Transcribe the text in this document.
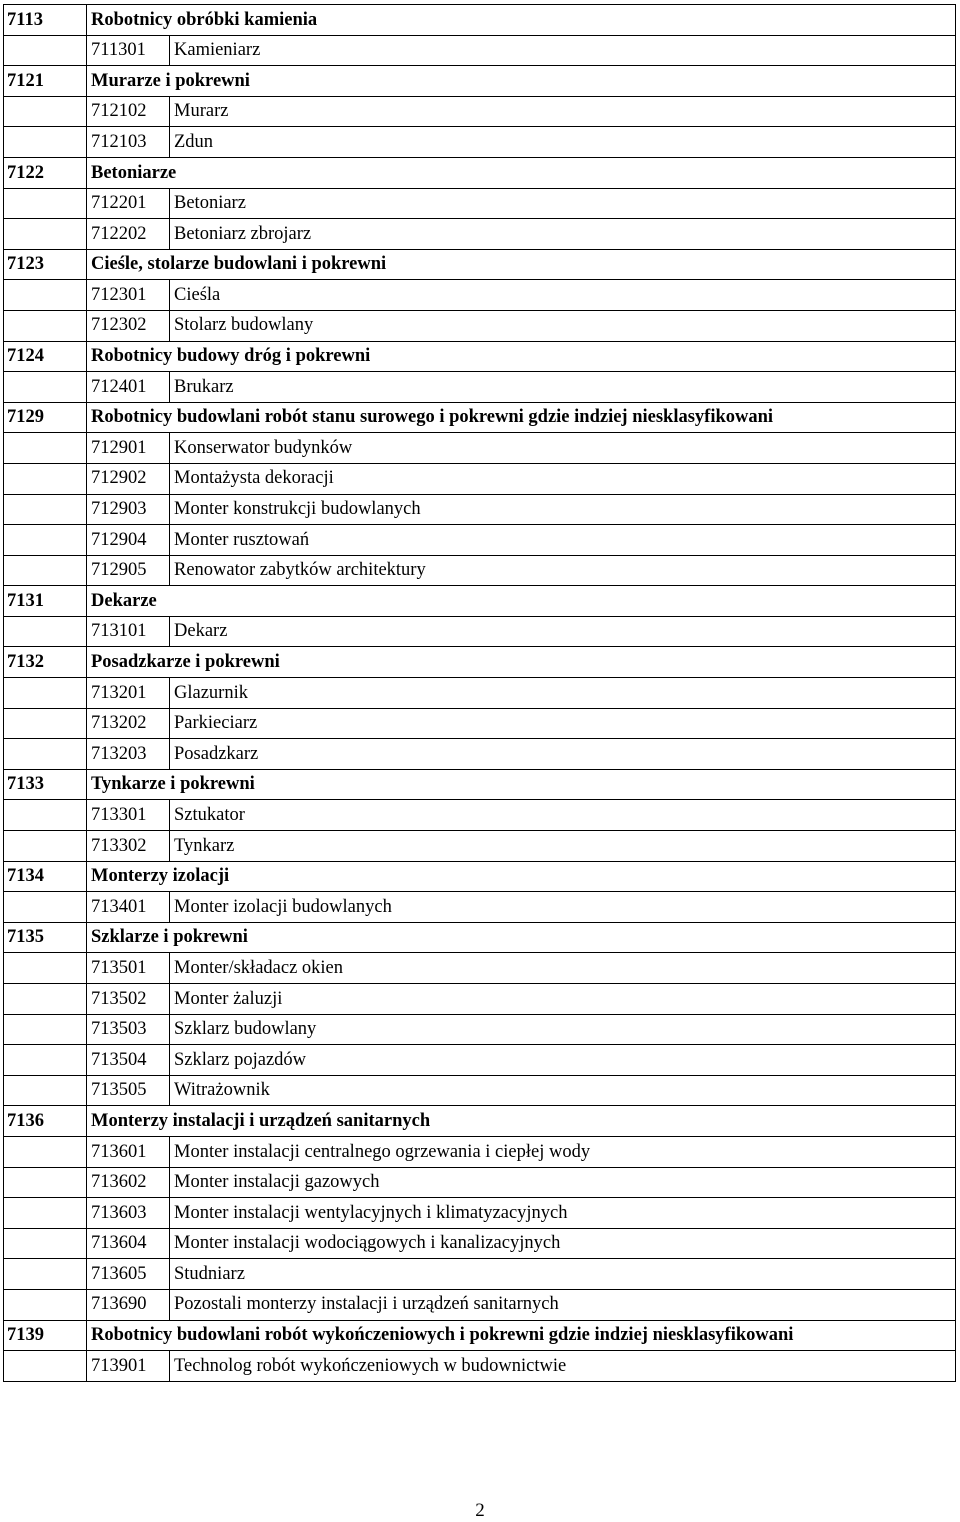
7113	Robotnicy obróbki kamienia	
	711301	Kamieniarz
7121	Murarze i pokrewni	
	712102	Murarz
	712103	Zdun
7122	Betoniarze	
	712201	Betoniarz
	712202	Betoniarz zbrojarz
7123	Cieśle, stolarze budowlani i pokrewni	
	712301	Cieśla
	712302	Stolarz budowlany
7124	Robotnicy budowy dróg i pokrewni	
	712401	Brukarz
7129	Robotnicy budowlani robót stanu surowego i pokrewni gdzie indziej niesklasyfikowani	
	712901	Konserwator budynków
	712902	Montażysta dekoracji
	712903	Monter konstrukcji budowlanych
	712904	Monter rusztowań
	712905	Renowator zabytków architektury
7131	Dekarze	
	713101	Dekarz
7132	Posadzkarze i pokrewni	
	713201	Glazurnik
	713202	Parkieciarz
	713203	Posadzkarz
7133	Tynkarze i pokrewni	
	713301	Sztukator
	713302	Tynkarz
7134	Monterzy izolacji	
	713401	Monter izolacji budowlanych
7135	Szklarze i pokrewni	
	713501	Monter/składacz okien
	713502	Monter żaluzji
	713503	Szklarz budowlany
	713504	Szklarz pojazdów
	713505	Witrażownik
7136	Monterzy instalacji i urządzeń sanitarnych	
	713601	Monter instalacji centralnego ogrzewania i ciepłej wody
	713602	Monter instalacji gazowych
	713603	Monter instalacji wentylacyjnych i klimatyzacyjnych
	713604	Monter instalacji wodociągowych i kanalizacyjnych
	713605	Studniarz
	713690	Pozostali monterzy instalacji i urządzeń sanitarnych
7139	Robotnicy budowlani robót wykończeniowych i pokrewni gdzie indziej niesklasyfikowani	
	713901	Technolog robót wykończeniowych w budownictwie
2
